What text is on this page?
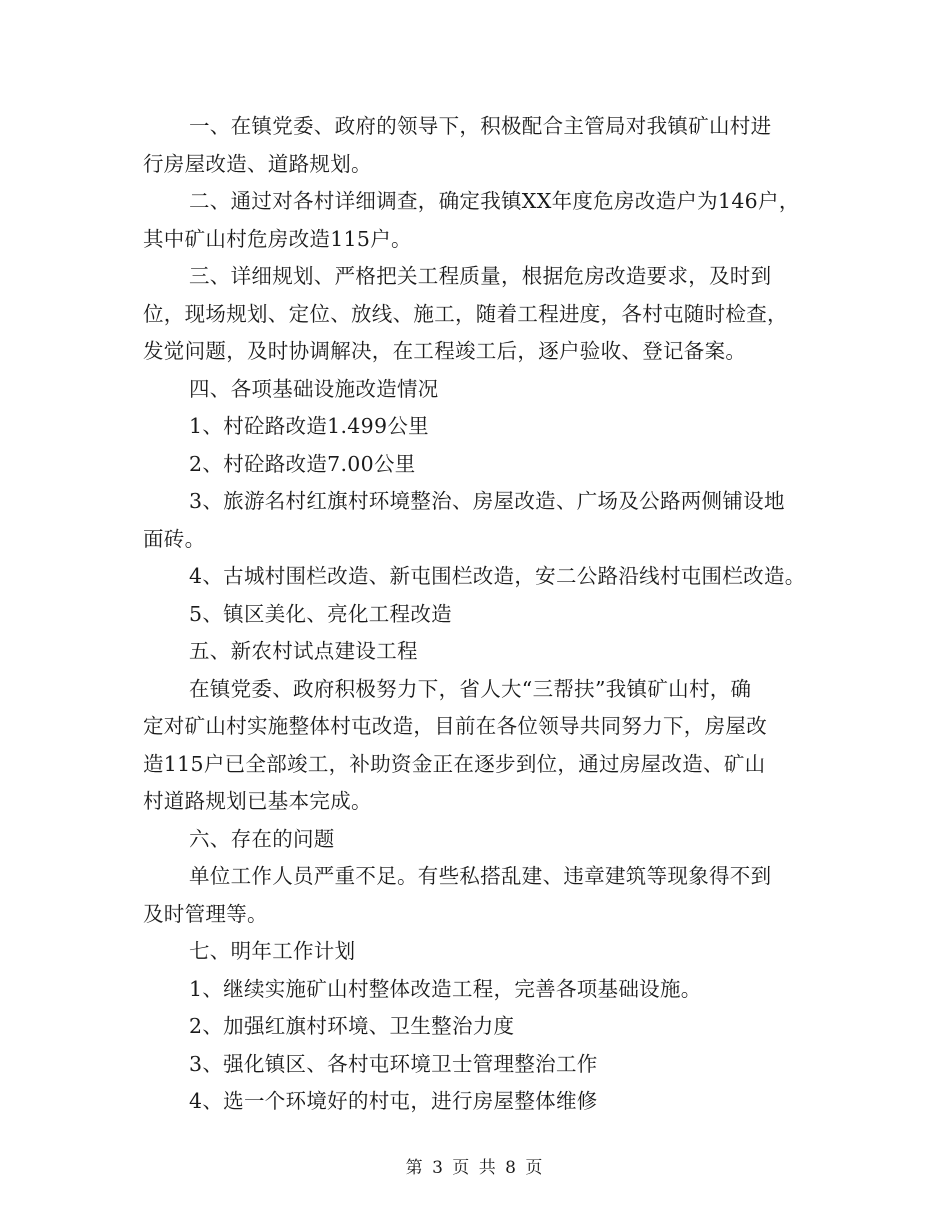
一、在镇党委、政府的领导下，积极配合主管局对我镇矿山村进
行房屋改造、道路规划。

二、通过对各村详细调查，确定我镇XX年度危房改造户为146户，
其中矿山村危房改造115户。

三、详细规划、严格把关工程质量，根据危房改造要求，及时到
位，现场规划、定位、放线、施工，随着工程进度，各村屯随时检查，
发觉问题，及时协调解决，在工程竣工后，逐户验收、登记备案。

四、各项基础设施改造情况

1、村砼路改造1.499公里

2、村砼路改造7.00公里

3、旅游名村红旗村环境整治、房屋改造、广场及公路两侧铺设地
面砖。

4、古城村围栏改造、新屯围栏改造，安二公路沿线村屯围栏改造。

5、镇区美化、亮化工程改造

五、新农村试点建设工程

在镇党委、政府积极努力下，省人大“三帮扶”我镇矿山村，确
定对矿山村实施整体村屯改造，目前在各位领导共同努力下，房屋改
造115户已全部竣工，补助资金正在逐步到位，通过房屋改造、矿山
村道路规划已基本完成。

六、存在的问题

单位工作人员严重不足。有些私搭乱建、违章建筑等现象得不到
及时管理等。

七、明年工作计划

1、继续实施矿山村整体改造工程，完善各项基础设施。

2、加强红旗村环境、卫生整治力度

3、强化镇区、各村屯环境卫士管理整治工作

4、选一个环境好的村屯，进行房屋整体维修

第 3 页 共 8 页
